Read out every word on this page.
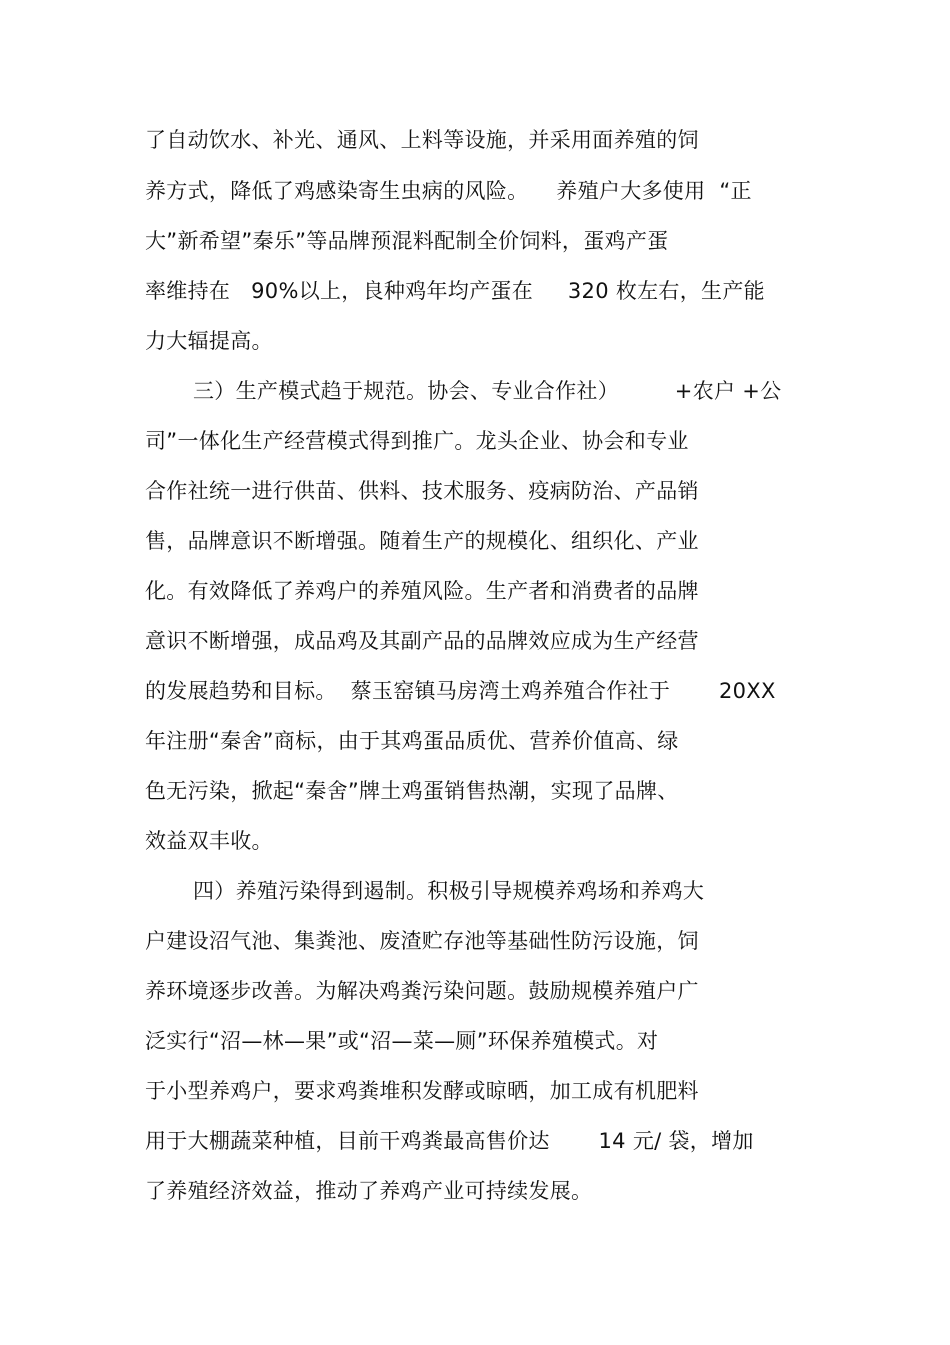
了自动饮水、补光、通风、上料等设施，并采用面养殖的饲
养方式，降低了鸡感染寄生虫病的风险。    养殖户大多使用  “正
大”新希望”秦乐”等品牌预混料配制全价饲料，蛋鸡产蛋
率维持在   90%以上，良种鸡年均产蛋在     320 枚左右，生产能
力大辐提高。
三）生产模式趋于规范。协会、专业合作社）        +农户 +公
司”一体化生产经营模式得到推广。龙头企业、协会和专业
合作社统一进行供苗、供料、技术服务、疫病防治、产品销
售，品牌意识不断增强。随着生产的规模化、组织化、产业
化。有效降低了养鸡户的养殖风险。生产者和消费者的品牌
意识不断增强，成品鸡及其副产品的品牌效应成为生产经营
的发展趋势和目标。  蔡玉窑镇马房湾土鸡养殖合作社于       20XX
年注册“秦舍”商标，由于其鸡蛋品质优、营养价值高、绿
色无污染，掀起“秦舍”牌土鸡蛋销售热潮，实现了品牌、
效益双丰收。
四）养殖污染得到遏制。积极引导规模养鸡场和养鸡大
户建设沼气池、集粪池、废渣贮存池等基础性防污设施，饲
养环境逐步改善。为解决鸡粪污染问题。鼓励规模养殖户广
泛实行“沼—林—果”或“沼—菜—厕”环保养殖模式。对
于小型养鸡户，要求鸡粪堆积发酵或晾晒，加工成有机肥料
用于大棚蔬菜种植，目前干鸡粪最高售价达       14 元/ 袋，增加
了养殖经济效益，推动了养鸡产业可持续发展。
